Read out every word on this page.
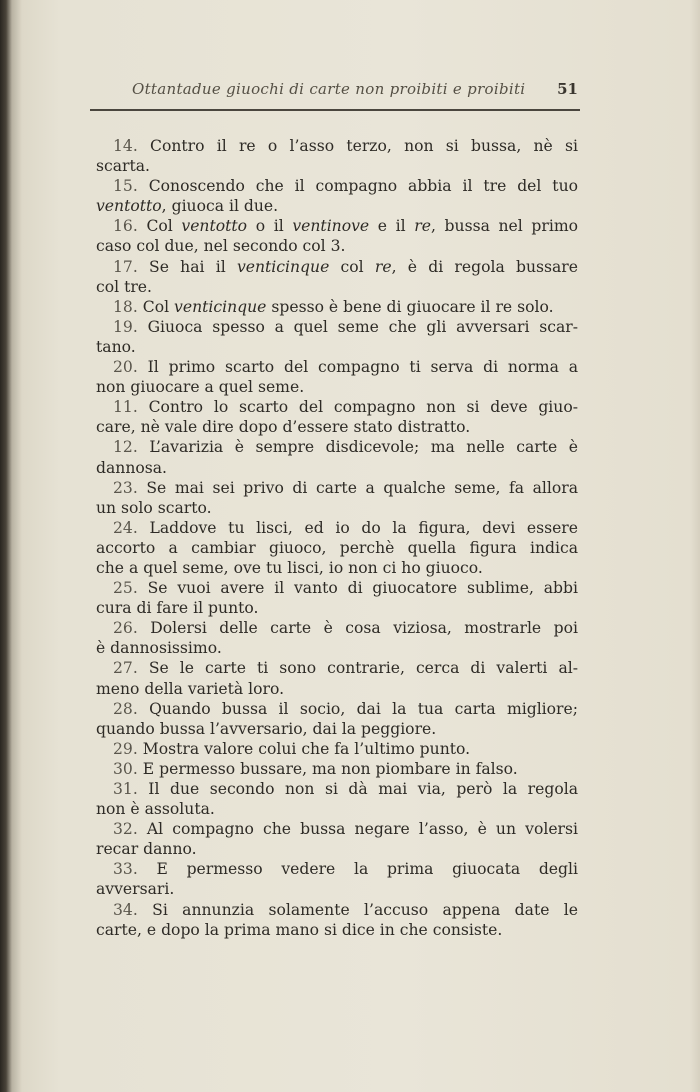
Ottantadue giuochi di carte non proibiti e proibiti 51
14. Contro il re o l’asso terzo, non si bussa, nè si
scarta.
15. Conoscendo che il compagno abbia il tre del tuo
ventotto, giuoca il due.
16. Col ventotto o il ventinove e il re, bussa nel primo
caso col due, nel secondo col 3.
17. Se hai il venticinque col re, è di regola bussare
col tre.
18. Col venticinque spesso è bene di giuocare il re solo.
19. Giuoca spesso a quel seme che gli avversari scar-
tano.
20. Il primo scarto del compagno ti serva di norma a
non giuocare a quel seme.
11. Contro lo scarto del compagno non si deve giuo-
care, nè vale dire dopo d’essere stato distratto.
12. L’avarizia è sempre disdicevole; ma nelle carte è
dannosa.
23. Se mai sei privo di carte a qualche seme, fa allora
un solo scarto.
24. Laddove tu lisci, ed io do la figura, devi essere
accorto a cambiar giuoco, perchè quella figura indica
che a quel seme, ove tu lisci, io non ci ho giuoco.
25. Se vuoi avere il vanto di giuocatore sublime, abbi
cura di fare il punto.
26. Dolersi delle carte è cosa viziosa, mostrarle poi
è dannosissimo.
27. Se le carte ti sono contrarie, cerca di valerti al-
meno della varietà loro.
28. Quando bussa il socio, dai la tua carta migliore;
quando bussa l’avversario, dai la peggiore.
29. Mostra valore colui che fa l’ultimo punto.
30. E permesso bussare, ma non piombare in falso.
31. Il due secondo non si dà mai via, però la regola
non è assoluta.
32. Al compagno che bussa negare l’asso, è un volersi
recar danno.
33. E permesso vedere la prima giuocata degli
avversari.
34. Si annunzia solamente l’accuso appena date le
carte, e dopo la prima mano si dice in che consiste.
